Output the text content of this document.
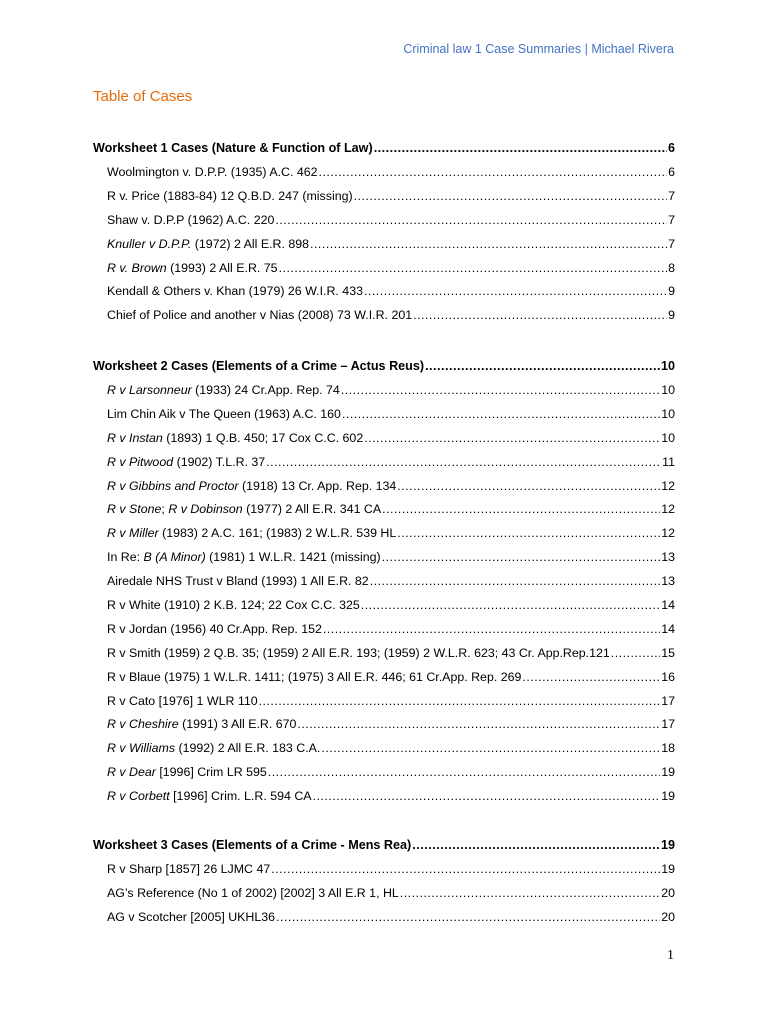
Criminal law 1 Case Summaries | Michael Rivera
Table of Cases
Worksheet 1 Cases (Nature & Function of Law) .....	6
Woolmington v. D.P.P. (1935) A.C. 462 .....	6
R v. Price (1883-84) 12 Q.B.D. 247 (missing) .....	7
Shaw v. D.P.P (1962) A.C. 220 .....	7
Knuller v D.P.P. (1972) 2 All E.R. 898 .....	7
R v. Brown (1993) 2 All E.R. 75 .....	8
Kendall & Others v. Khan (1979) 26 W.I.R. 433 .....	9
Chief of Police and another v Nias (2008) 73 W.I.R. 201 .....	9
Worksheet 2 Cases (Elements of a Crime – Actus Reus) .....	10
R v Larsonneur (1933) 24 Cr.App. Rep. 74 .....	10
Lim Chin Aik v The Queen (1963) A.C. 160 .....	10
R v Instan (1893) 1 Q.B. 450; 17 Cox C.C. 602 .....	10
R v Pitwood (1902) T.L.R. 37 .....	11
R v Gibbins and Proctor (1918) 13 Cr. App. Rep. 134 .....	12
R v Stone; R v Dobinson (1977) 2 All E.R. 341 CA .....	12
R v Miller (1983) 2 A.C. 161; (1983) 2 W.L.R. 539 HL .....	12
In Re: B (A Minor) (1981) 1 W.L.R. 1421 (missing) .....	13
Airedale NHS Trust v Bland (1993) 1 All E.R. 82 .....	13
R v White (1910) 2 K.B. 124; 22 Cox C.C. 325 .....	14
R v Jordan (1956) 40 Cr.App. Rep. 152 .....	14
R v Smith (1959) 2 Q.B. 35; (1959) 2 All E.R. 193; (1959) 2 W.L.R. 623; 43 Cr. App.Rep.121 .....	15
R v Blaue (1975) 1 W.L.R. 1411; (1975) 3 All E.R. 446; 61 Cr.App. Rep. 269 .....	16
R v Cato [1976] 1 WLR 110 .....	17
R v Cheshire (1991) 3 All E.R. 670 .....	17
R v Williams (1992) 2 All E.R. 183 C.A. .....	18
R v Dear [1996] Crim LR 595 .....	19
R v Corbett [1996] Crim. L.R. 594 CA .....	19
Worksheet 3 Cases (Elements of a Crime - Mens Rea) .....	19
R v Sharp [1857] 26 LJMC 47 .....	19
AG’s Reference (No 1 of 2002) [2002] 3 All E.R 1, HL .....	20
AG v Scotcher [2005] UKHL36 .....	20
1
